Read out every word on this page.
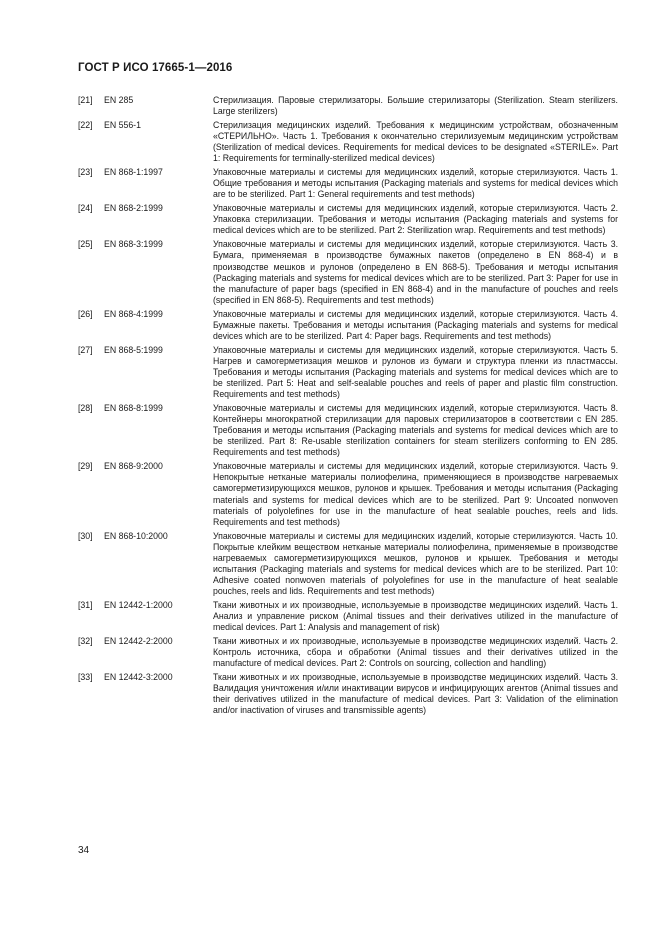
ГОСТ Р ИСО 17665-1—2016
[21]	EN 285	Стерилизация. Паровые стерилизаторы. Большие стерилизаторы (Sterilization. Steam sterilizers. Large sterilizers)
[22]	EN 556-1	Стерилизация медицинских изделий. Требования к медицинским устройствам, обозначенным «СТЕРИЛЬНО». Часть 1. Требования к окончательно стерилизуемым медицинским устройствам (Sterilization of medical devices. Requirements for medical devices to be designated «STERILE». Part 1: Requirements for terminally-sterilized medical devices)
[23]	EN 868-1:1997	Упаковочные материалы и системы для медицинских изделий, которые стерилизуются. Часть 1. Общие требования и методы испытания (Packaging materials and systems for medical devices which are to be sterilized. Part 1: General requirements and test methods)
[24]	EN 868-2:1999	Упаковочные материалы и системы для медицинских изделий, которые стерилизуются. Часть 2. Упаковка стерилизации. Требования и методы испытания (Packaging materials and systems for medical devices which are to be sterilized. Part 2: Sterilization wrap. Requirements and test methods)
[25]	EN 868-3:1999	Упаковочные материалы и системы для медицинских изделий, которые стерилизуются. Часть 3. Бумага, применяемая в производстве бумажных пакетов (определено в EN 868-4) и в производстве мешков и рулонов (определено в EN 868-5). Требования и методы испытания (Packaging materials and systems for medical devices which are to be sterilized. Part 3: Paper for use in the manufacture of paper bags (specified in EN 868-4) and in the manufacture of pouches and reels (specified in EN 868-5). Requirements and test methods)
[26]	EN 868-4:1999	Упаковочные материалы и системы для медицинских изделий, которые стерилизуются. Часть 4. Бумажные пакеты. Требования и методы испытания (Packaging materials and systems for medical devices which are to be sterilized. Part 4: Paper bags. Requirements and test methods)
[27]	EN 868-5:1999	Упаковочные материалы и системы для медицинских изделий, которые стерилизуются. Часть 5. Нагрев и самогерметизация мешков и рулонов из бумаги и структура пленки из пластмассы. Требования и методы испытания (Packaging materials and systems for medical devices which are to be sterilized. Part 5: Heat and self-sealable pouches and reels of paper and plastic film construction. Requirements and test methods)
[28]	EN 868-8:1999	Упаковочные материалы и системы для медицинских изделий, которые стерилизуются. Часть 8. Контейнеры многократной стерилизации для паровых стерилизаторов в соответствии с EN 285. Требования и методы испытания (Packaging materials and systems for medical devices which are to be sterilized. Part 8: Re-usable sterilization containers for steam sterilizers conforming to EN 285. Requirements and test methods)
[29]	EN 868-9:2000	Упаковочные материалы и системы для медицинских изделий, которые стерилизуются. Часть 9. Непокрытые нетканые материалы полиофелина, применяющиеся в производстве нагреваемых самогерметизирующихся мешков, рулонов и крышек. Требования и методы испытания (Packaging materials and systems for medical devices which are to be sterilized. Part 9: Uncoated nonwoven materials of polyolefines for use in the manufacture of heat sealable pouches, reels and lids. Requirements and test methods)
[30]	EN 868-10:2000	Упаковочные материалы и системы для медицинских изделий, которые стерилизуются. Часть 10. Покрытые клейким веществом нетканые материалы полиофелина, применяемые в производстве нагреваемых самогерметизирующихся мешков, рулонов и крышек. Требования и методы испытания (Packaging materials and systems for medical devices which are to be sterilized. Part 10: Adhesive coated nonwoven materials of polyolefines for use in the manufacture of heat sealable pouches, reels and lids. Requirements and test methods)
[31]	EN 12442-1:2000	Ткани животных и их производные, используемые в производстве медицинских изделий. Часть 1. Анализ и управление риском (Animal tissues and their derivatives utilized in the manufacture of medical devices. Part 1: Analysis and management of risk)
[32]	EN 12442-2:2000	Ткани животных и их производные, используемые в производстве медицинских изделий. Часть 2. Контроль источника, сбора и обработки (Animal tissues and their derivatives utilized in the manufacture of medical devices. Part 2: Controls on sourcing, collection and handling)
[33]	EN 12442-3:2000	Ткани животных и их производные, используемые в производстве медицинских изделий. Часть 3. Валидация уничтожения и/или инактивации вирусов и инфицирующих агентов (Animal tissues and their derivatives utilized in the manufacture of medical devices. Part 3: Validation of the elimination and/or inactivation of viruses and transmissible agents)
34
